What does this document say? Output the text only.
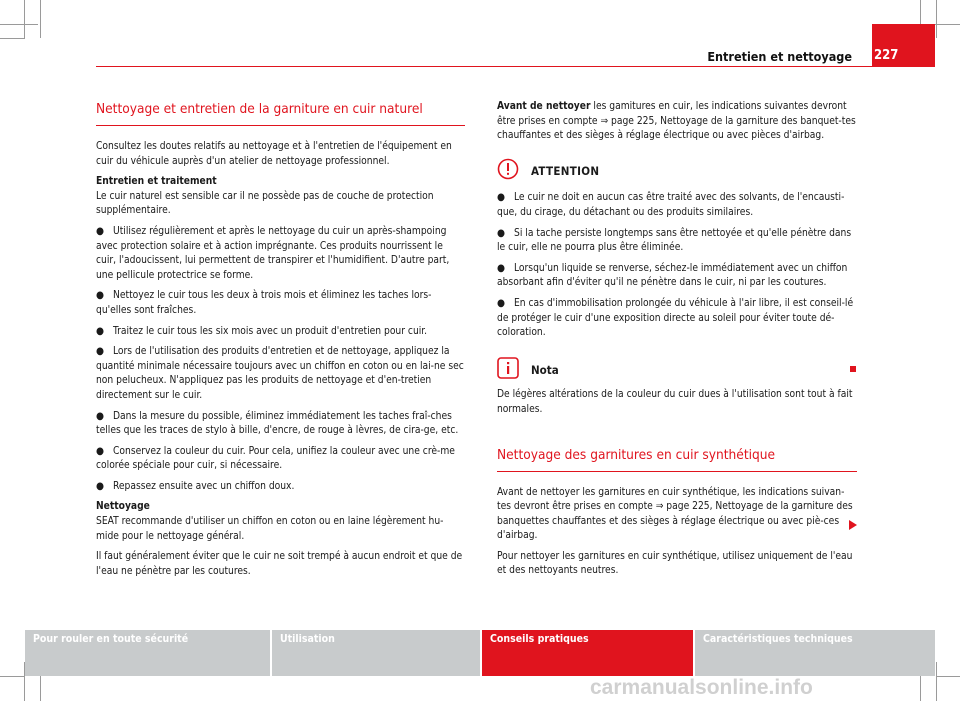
Entretien et nettoyage 227
Nettoyage et entretien de la garniture en cuir naturel

Consultez les doutes relatifs au nettoyage et à l'entretien de l'équipement en cuir du véhicule auprès d'un atelier de nettoyage professionnel.

Entretien et traitement

Le cuir naturel est sensible car il ne possède pas de couche de protection supplémentaire.

● Utilisez régulièrement et après le nettoyage du cuir un après-shampoing avec protection solaire et à action imprégnante. Ces produits nourrissent le cuir, l'adoucissent, lui permettent de transpirer et l'humidifient. D'autre part, une pellicule protectrice se forme.

● Nettoyez le cuir tous les deux à trois mois et éliminez les taches lors-qu'elles sont fraîches.

● Traitez le cuir tous les six mois avec un produit d'entretien pour cuir.

● Lors de l'utilisation des produits d'entretien et de nettoyage, appliquez la quantité minimale nécessaire toujours avec un chiffon en coton ou en lai-ne sec non pelucheux. N'appliquez pas les produits de nettoyage et d'en-tretien directement sur le cuir.

● Dans la mesure du possible, éliminez immédiatement les taches fraî-ches telles que les traces de stylo à bille, d'encre, de rouge à lèvres, de cira-ge, etc.

● Conservez la couleur du cuir. Pour cela, unifiez la couleur avec une crè-me colorée spéciale pour cuir, si nécessaire.

● Repassez ensuite avec un chiffon doux.

Nettoyage

SEAT recommande d'utiliser un chiffon en coton ou en laine légèrement hu-mide pour le nettoyage général.

Il faut généralement éviter que le cuir ne soit trempé à aucun endroit et que de l'eau ne pénètre par les coutures.

Avant de nettoyer les gamitures en cuir, les indications suivantes devront être prises en compte ⇒ page 225, Nettoyage de la garniture des banquet-tes chauffantes et des sièges à réglage électrique ou avec pièces d'airbag.

ATTENTION

● Le cuir ne doit en aucun cas être traité avec des solvants, de l'encausti-que, du cirage, du détachant ou des produits similaires.

● Si la tache persiste longtemps sans être nettoyée et qu'elle pénètre dans le cuir, elle ne pourra plus être éliminée.

● Lorsqu'un liquide se renverse, séchez-le immédiatement avec un chiffon absorbant afin d'éviter qu'il ne pénètre dans le cuir, ni par les coutures.

● En cas d'immobilisation prolongée du véhicule à l'air libre, il est conseil-lé de protéger le cuir d'une exposition directe au soleil pour éviter toute dé-coloration.

Nota

De légères altérations de la couleur du cuir dues à l'utilisation sont tout à fait normales.

Nettoyage des garnitures en cuir synthétique

Avant de nettoyer les garnitures en cuir synthétique, les indications suivan-tes devront être prises en compte ⇒ page 225, Nettoyage de la garniture des banquettes chauffantes et des sièges à réglage électrique ou avec piè-ces d'airbag.

Pour nettoyer les garnitures en cuir synthétique, utilisez uniquement de l'eau et des nettoyants neutres.

Pour rouler en toute sécurité	Utilisation	Conseils pratiques	Caractéristiques techniques
carmanualsonline.info
